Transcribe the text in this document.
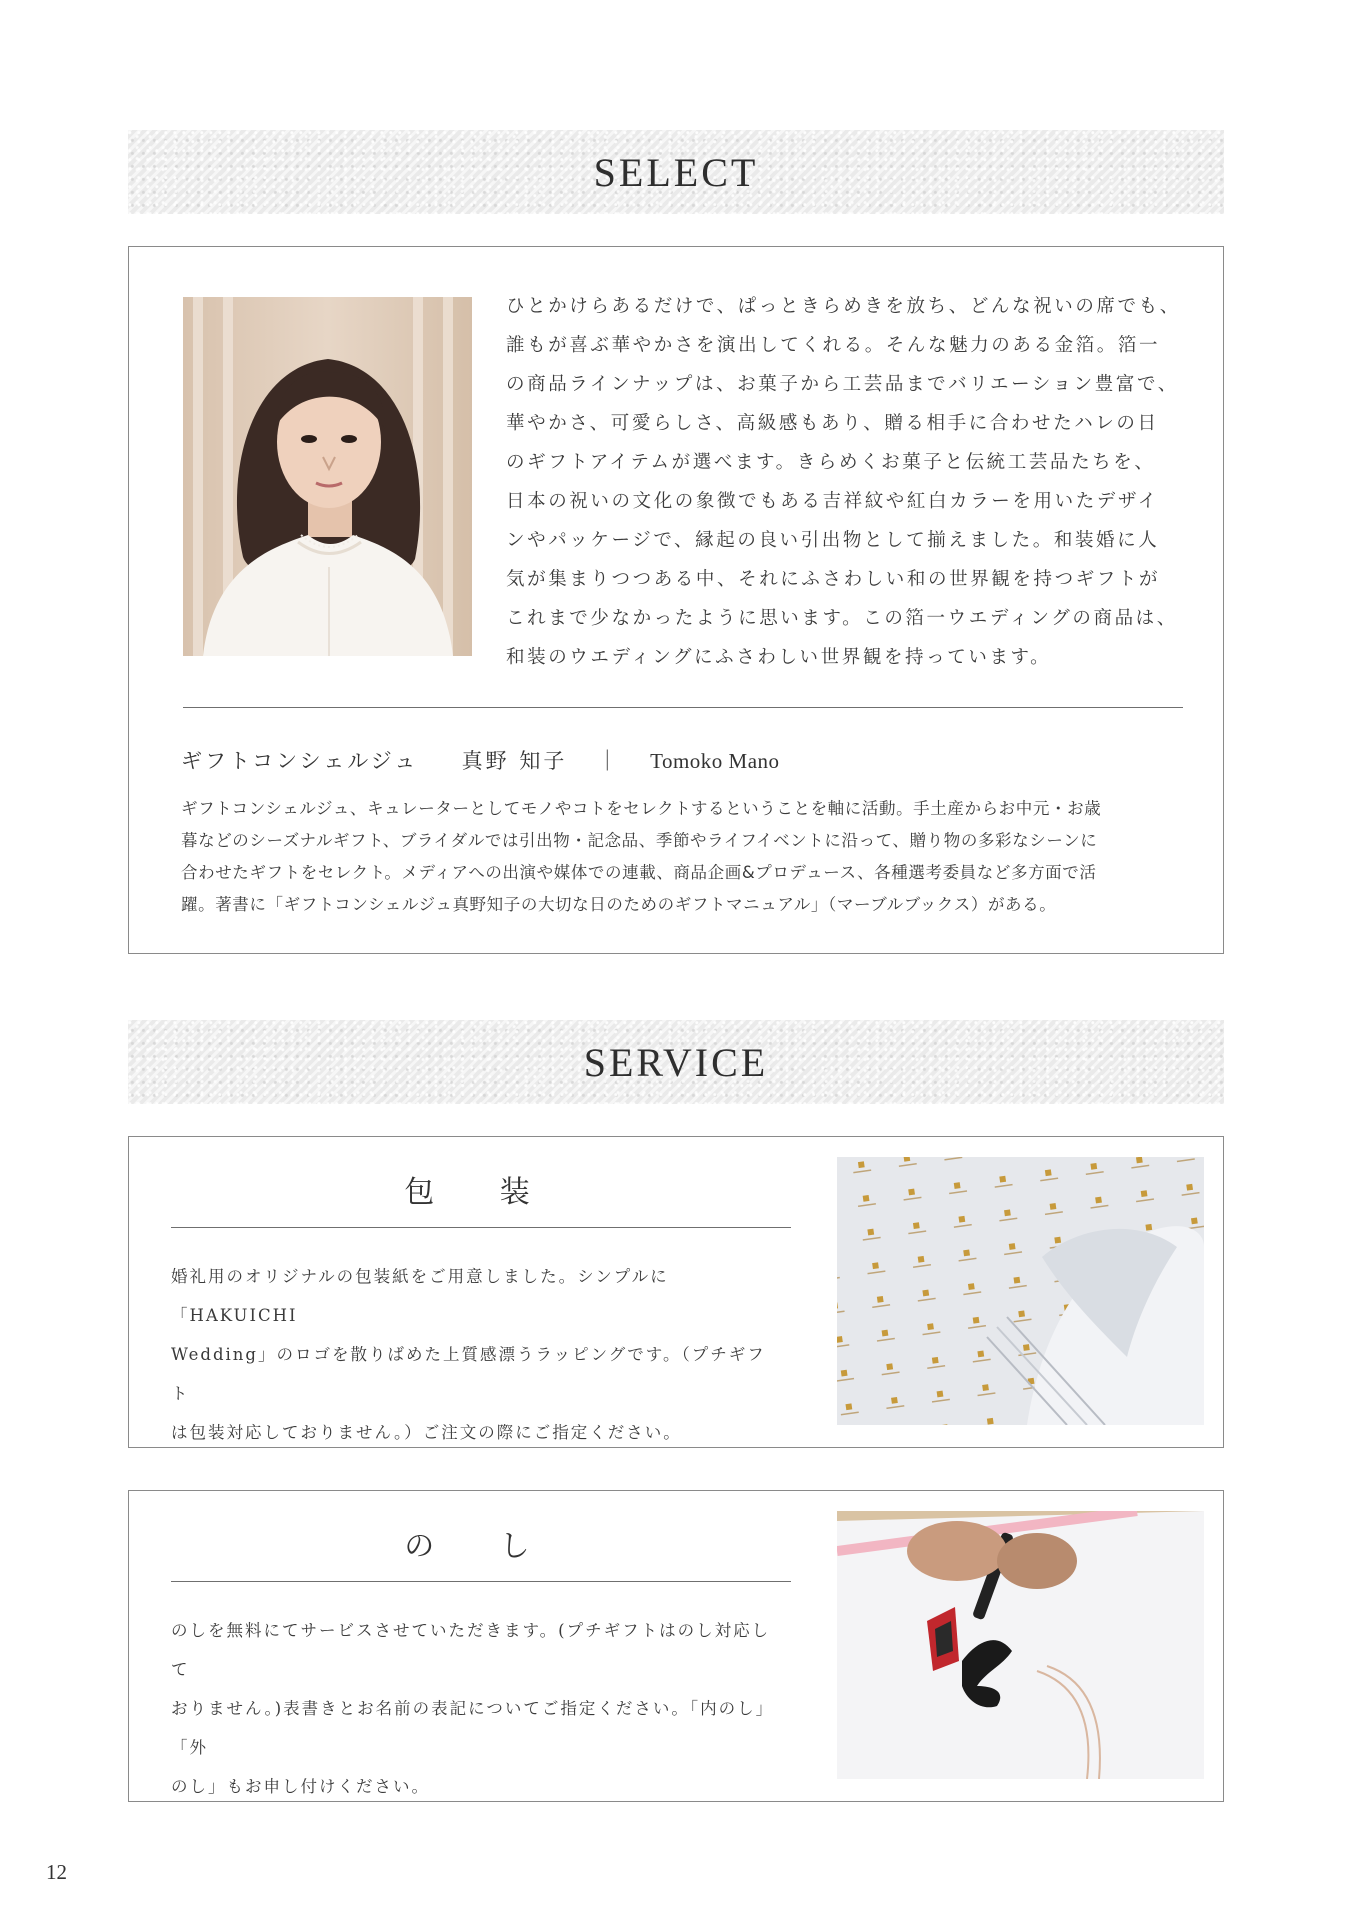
SELECT
ひとかけらあるだけで、ぱっときらめきを放ち、どんな祝いの席でも、
誰もが喜ぶ華やかさを演出してくれる。そんな魅力のある金箔。箔一
の商品ラインナップは、お菓子から工芸品までバリエーション豊富で、
華やかさ、可愛らしさ、高級感もあり、贈る相手に合わせたハレの日
のギフトアイテムが選べます。きらめくお菓子と伝統工芸品たちを、
日本の祝いの文化の象徴でもある吉祥紋や紅白カラーを用いたデザイ
ンやパッケージで、縁起の良い引出物として揃えました。和装婚に人
気が集まりつつある中、それにふさわしい和の世界観を持つギフトが
これまで少なかったように思います。この箔一ウエディングの商品は、
和装のウエディングにふさわしい世界観を持っています。
ギフトコンシェルジュ 真野 知子 ｜ Tomoko Mano
ギフトコンシェルジュ、キュレーターとしてモノやコトをセレクトするということを軸に活動。手土産からお中元・お歳
暮などのシーズナルギフト、ブライダルでは引出物・記念品、季節やライフイベントに沿って、贈り物の多彩なシーンに
合わせたギフトをセレクト。メディアへの出演や媒体での連載、商品企画&プロデュース、各種選考委員など多方面で活
躍。著書に「ギフトコンシェルジュ真野知子の大切な日のためのギフトマニュアル」（マーブルブックス）がある。
SERVICE
包 装
婚礼用のオリジナルの包装紙をご用意しました。シンプルに「HAKUICHI
Wedding」のロゴを散りばめた上質感漂うラッピングです。（プチギフト
は包装対応しておりません。）ご注文の際にご指定ください。
の し
のしを無料にてサービスさせていただきます。(プチギフトはのし対応して
おりません。)表書きとお名前の表記についてご指定ください。「内のし」「外
のし」もお申し付けください。
12
